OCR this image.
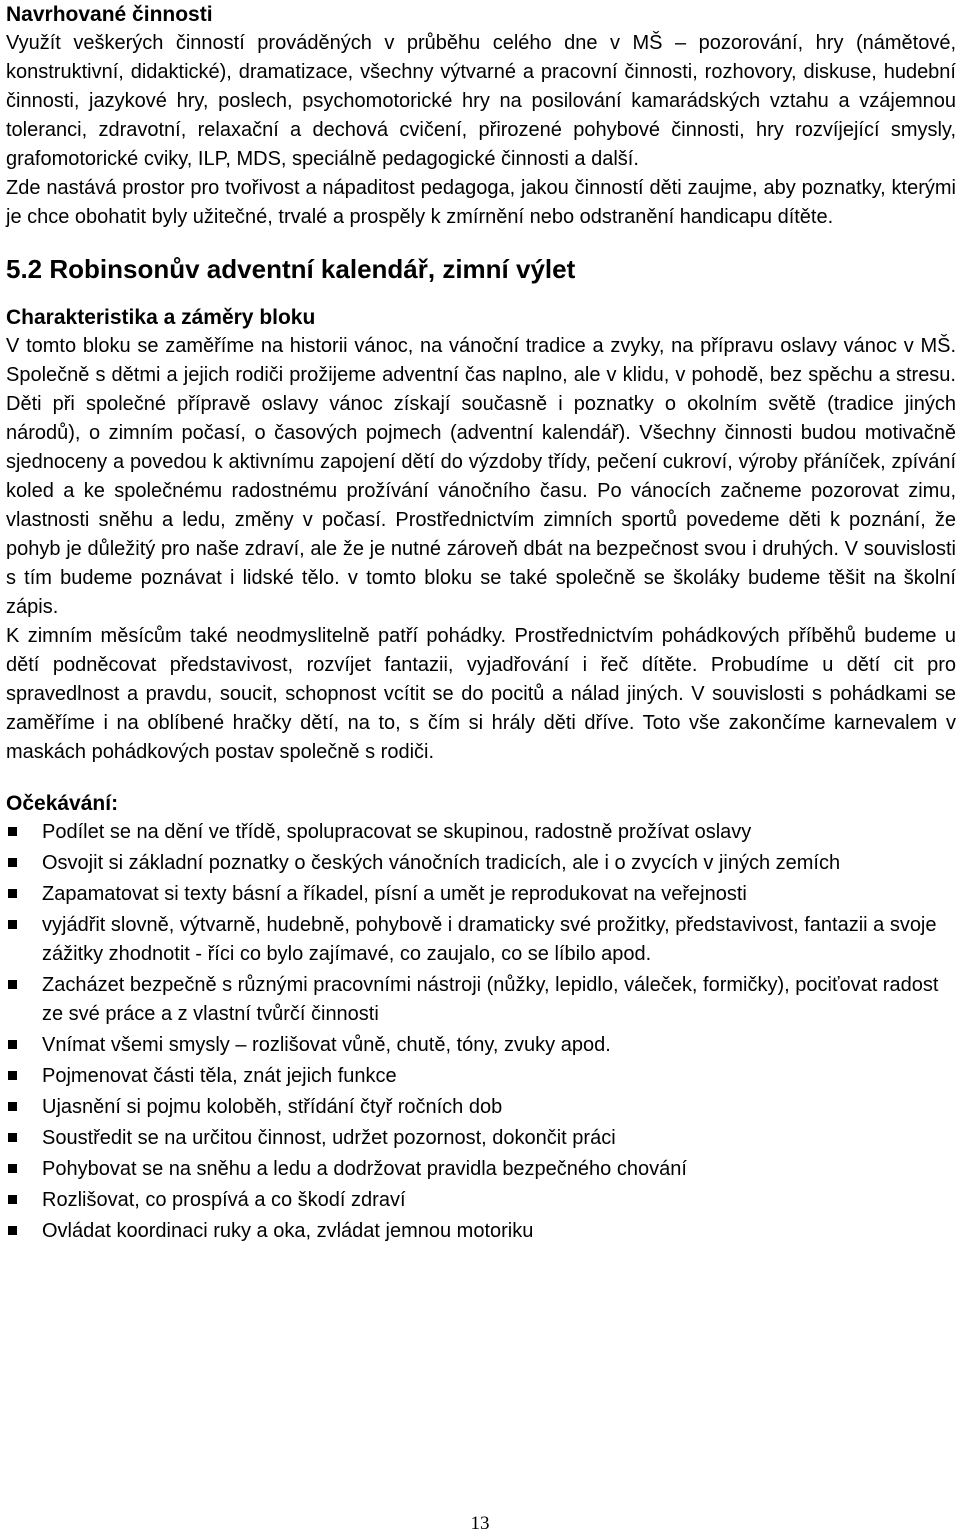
Navrhované činnosti

Využít veškerých činností prováděných v průběhu celého dne v MŠ – pozorování, hry (námětové, konstruktivní, didaktické), dramatizace, všechny výtvarné a pracovní činnosti, rozhovory, diskuse, hudební činnosti, jazykové hry, poslech, psychomotorické hry na posilování kamarádských vztahu a vzájemnou toleranci, zdravotní, relaxační a dechová cvičení, přirozené pohybové činnosti, hry rozvíjející smysly, grafomotorické cviky, ILP, MDS, speciálně pedagogické činnosti a další.

Zde nastává prostor pro tvořivost a nápaditost pedagoga, jakou činností děti zaujme, aby poznatky, kterými je chce obohatit byly užitečné, trvalé a prospěly k zmírnění nebo odstranění handicapu dítěte.

5.2 Robinsonův adventní kalendář, zimní výlet
Charakteristika a záměry bloku

V tomto bloku se zaměříme na historii vánoc, na vánoční tradice a zvyky, na přípravu oslavy vánoc v MŠ. Společně s dětmi a jejich rodiči prožijeme adventní čas naplno, ale v klidu, v pohodě, bez spěchu a stresu. Děti při společné přípravě oslavy vánoc získají současně i poznatky o okolním světě (tradice jiných národů), o zimním počasí, o časových pojmech (adventní kalendář). Všechny činnosti budou motivačně sjednoceny a povedou k aktivnímu zapojení dětí do výzdoby třídy, pečení cukroví, výroby přáníček, zpívání koled a ke společnému radostnému prožívání vánočního času. Po vánocích začneme pozorovat zimu, vlastnosti sněhu a ledu, změny v počasí. Prostřednictvím zimních sportů povedeme děti k poznání, že pohyb je důležitý pro naše zdraví, ale že je nutné zároveň dbát na bezpečnost svou i druhých. V souvislosti s tím budeme poznávat i lidské tělo. v tomto bloku se také společně se školáky budeme těšit na školní zápis.

K zimním měsícům také neodmyslitelně patří pohádky. Prostřednictvím pohádkových příběhů budeme u dětí podněcovat představivost, rozvíjet fantazii, vyjadřování i řeč dítěte. Probudíme u dětí cit pro spravedlnost a pravdu, soucit, schopnost vcítit se do pocitů a nálad jiných. V souvislosti s pohádkami se zaměříme i na oblíbené hračky dětí, na to, s čím si hrály děti dříve. Toto vše zakončíme karnevalem v maskách pohádkových postav společně s rodiči.

Očekávání:
Podílet se na dění ve třídě, spolupracovat se skupinou, radostně prožívat oslavy
Osvojit si základní poznatky o českých vánočních tradicích, ale i o zvycích v jiných zemích
Zapamatovat si texty básní a říkadel, písní a umět je reprodukovat na veřejnosti
vyjádřit slovně, výtvarně, hudebně, pohybově i dramaticky své prožitky, představivost, fantazii a svoje zážitky zhodnotit - říci co bylo zajímavé, co zaujalo, co se líbilo apod.
Zacházet bezpečně s různými pracovními nástroji (nůžky, lepidlo, váleček, formičky), pociťovat radost ze své práce a z vlastní tvůrčí činnosti
Vnímat všemi smysly – rozlišovat vůně, chutě, tóny, zvuky apod.
Pojmenovat části těla, znát jejich funkce
Ujasnění si pojmu koloběh, střídání čtyř ročních dob
Soustředit se na určitou činnost, udržet pozornost, dokončit práci
Pohybovat se na sněhu a ledu a dodržovat pravidla bezpečného chování
Rozlišovat, co prospívá a co škodí zdraví
Ovládat koordinaci ruky a oka, zvládat jemnou motoriku
13
